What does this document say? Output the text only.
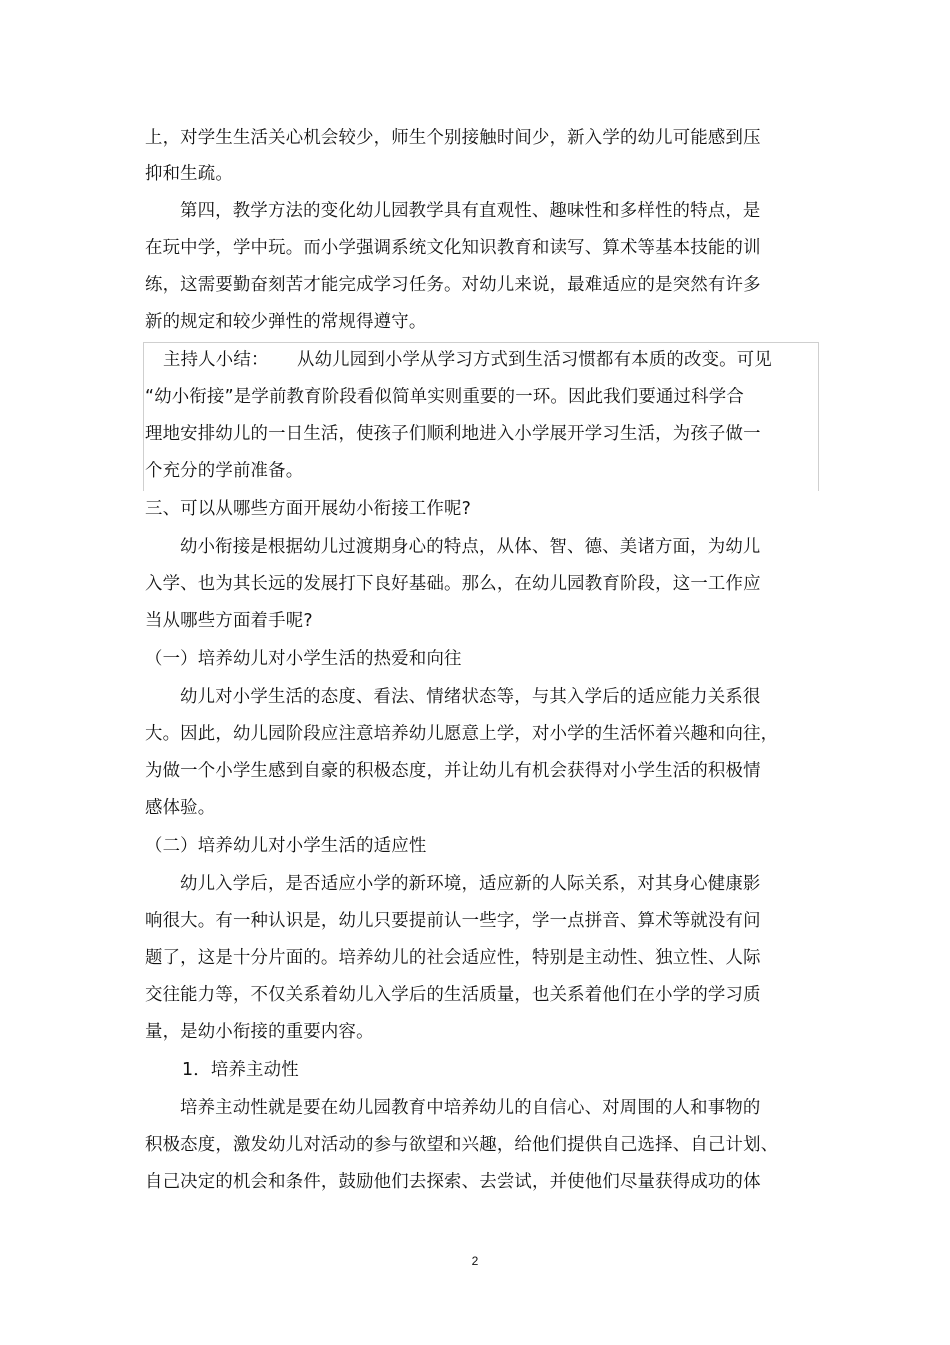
上，对学生生活关心机会较少，师生个别接触时间少，新入学的幼儿可能感到压
抑和生疏。
第四，教学方法的变化幼儿园教学具有直观性、趣味性和多样性的特点，是
在玩中学，学中玩。而小学强调系统文化知识教育和读写、算术等基本技能的训
练，这需要勤奋刻苦才能完成学习任务。对幼儿来说，最难适应的是突然有许多
新的规定和较少弹性的常规得遵守。
主持人小结： 从幼儿园到小学从学习方式到生活习惯都有本质的改变。可见
“幼小衔接”是学前教育阶段看似简单实则重要的一环。因此我们要通过科学合
理地安排幼儿的一日生活，使孩子们顺利地进入小学展开学习生活，为孩子做一
个充分的学前准备。
三、可以从哪些方面开展幼小衔接工作呢?
幼小衔接是根据幼儿过渡期身心的特点，从体、智、德、美诸方面，为幼儿
入学、也为其长远的发展打下良好基础。那么，在幼儿园教育阶段，这一工作应
当从哪些方面着手呢?
（一）培养幼儿对小学生活的热爱和向往
幼儿对小学生活的态度、看法、情绪状态等，与其入学后的适应能力关系很
大。因此，幼儿园阶段应注意培养幼儿愿意上学，对小学的生活怀着兴趣和向往，
为做一个小学生感到自豪的积极态度，并让幼儿有机会获得对小学生活的积极情
感体验。
（二）培养幼儿对小学生活的适应性
幼儿入学后，是否适应小学的新环境，适应新的人际关系，对其身心健康影
响很大。有一种认识是，幼儿只要提前认一些字，学一点拼音、算术等就没有问
题了，这是十分片面的。培养幼儿的社会适应性，特别是主动性、独立性、人际
交往能力等，不仅关系着幼儿入学后的生活质量，也关系着他们在小学的学习质
量，是幼小衔接的重要内容。
1．培养主动性
培养主动性就是要在幼儿园教育中培养幼儿的自信心、对周围的人和事物的
积极态度，激发幼儿对活动的参与欲望和兴趣，给他们提供自己选择、自己计划、
自己决定的机会和条件，鼓励他们去探索、去尝试，并使他们尽量获得成功的体
2
